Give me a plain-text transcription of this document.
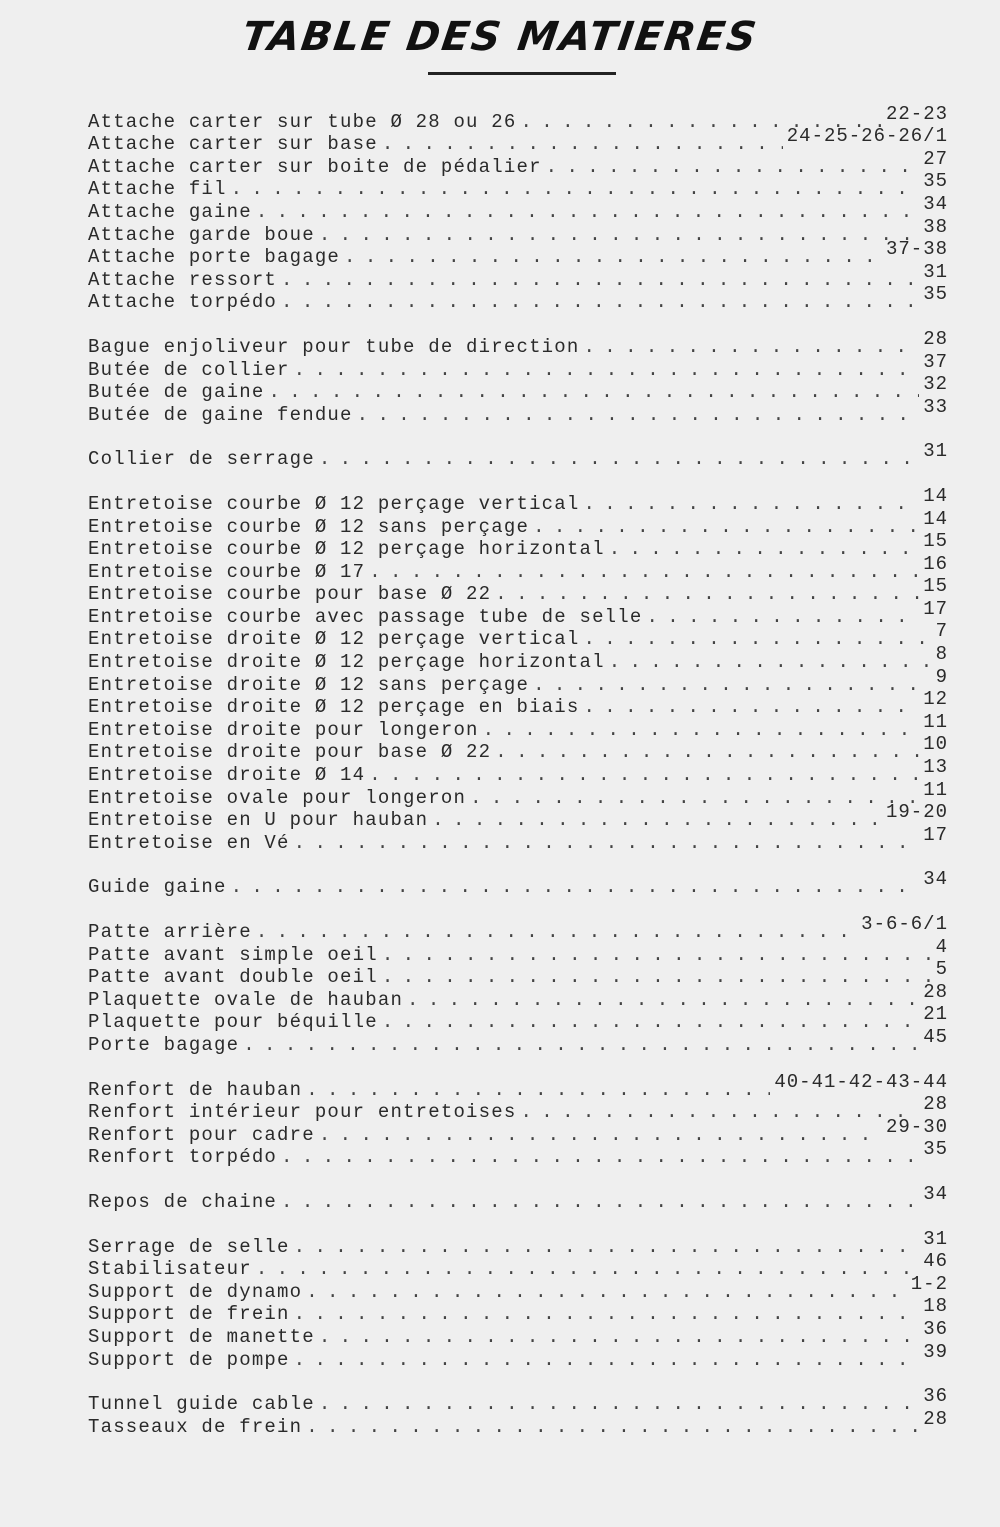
TABLE DES MATIERES
Attache carter sur tube Ø 28 ou 26 . . .	22-23
Attache carter sur base . . .	24-25-26-26/1
Attache carter sur boite de pédalier . . .	27
Attache fil . . .	35
Attache gaine . . .	34
Attache garde boue . . .	38
Attache porte bagage . . .	37-38
Attache ressort . . .	31
Attache torpédo . . .	35
Bague enjoliveur pour tube de direction . . .	28
Butée de collier . . .	37
Butée de gaine . . .	32
Butée de gaine fendue . . .	33
Collier de serrage . . .	31
Entretoise courbe Ø 12 perçage vertical . . .	14
Entretoise courbe Ø 12 sans perçage . . .	14
Entretoise courbe Ø 12 perçage horizontal . . .	15
Entretoise courbe Ø 17 . . .	16
Entretoise courbe pour base Ø 22 . . .	15
Entretoise courbe avec passage tube de selle . . .	17
Entretoise droite Ø 12 perçage vertical . . .	7
Entretoise droite Ø 12 perçage horizontal . . .	8
Entretoise droite Ø 12 sans perçage . . .	9
Entretoise droite Ø 12 perçage en biais . . .	12
Entretoise droite pour longeron . . .	11
Entretoise droite pour base Ø 22 . . .	10
Entretoise droite Ø 14 . . .	13
Entretoise ovale pour longeron . . .	11
Entretoise en U pour hauban . . .	19-20
Entretoise en Vé . . .	17
Guide gaine . . .	34
Patte arrière . . .	3-6-6/1
Patte avant simple oeil . . .	4
Patte avant double oeil . . .	5
Plaquette ovale de hauban . . .	28
Plaquette pour béquille . . .	21
Porte bagage . . .	45
Renfort de hauban . . .	40-41-42-43-44
Renfort intérieur pour entretoises . . .	28
Renfort pour cadre . . .	29-30
Renfort torpédo . . .	35
Repos de chaine . . .	34
Serrage de selle . . .	31
Stabilisateur . . .	46
Support de dynamo . . .	1-2
Support de frein . . .	18
Support de manette . . .	36
Support de pompe . . .	39
Tunnel guide cable . . .	36
Tasseaux de frein . . .	28
